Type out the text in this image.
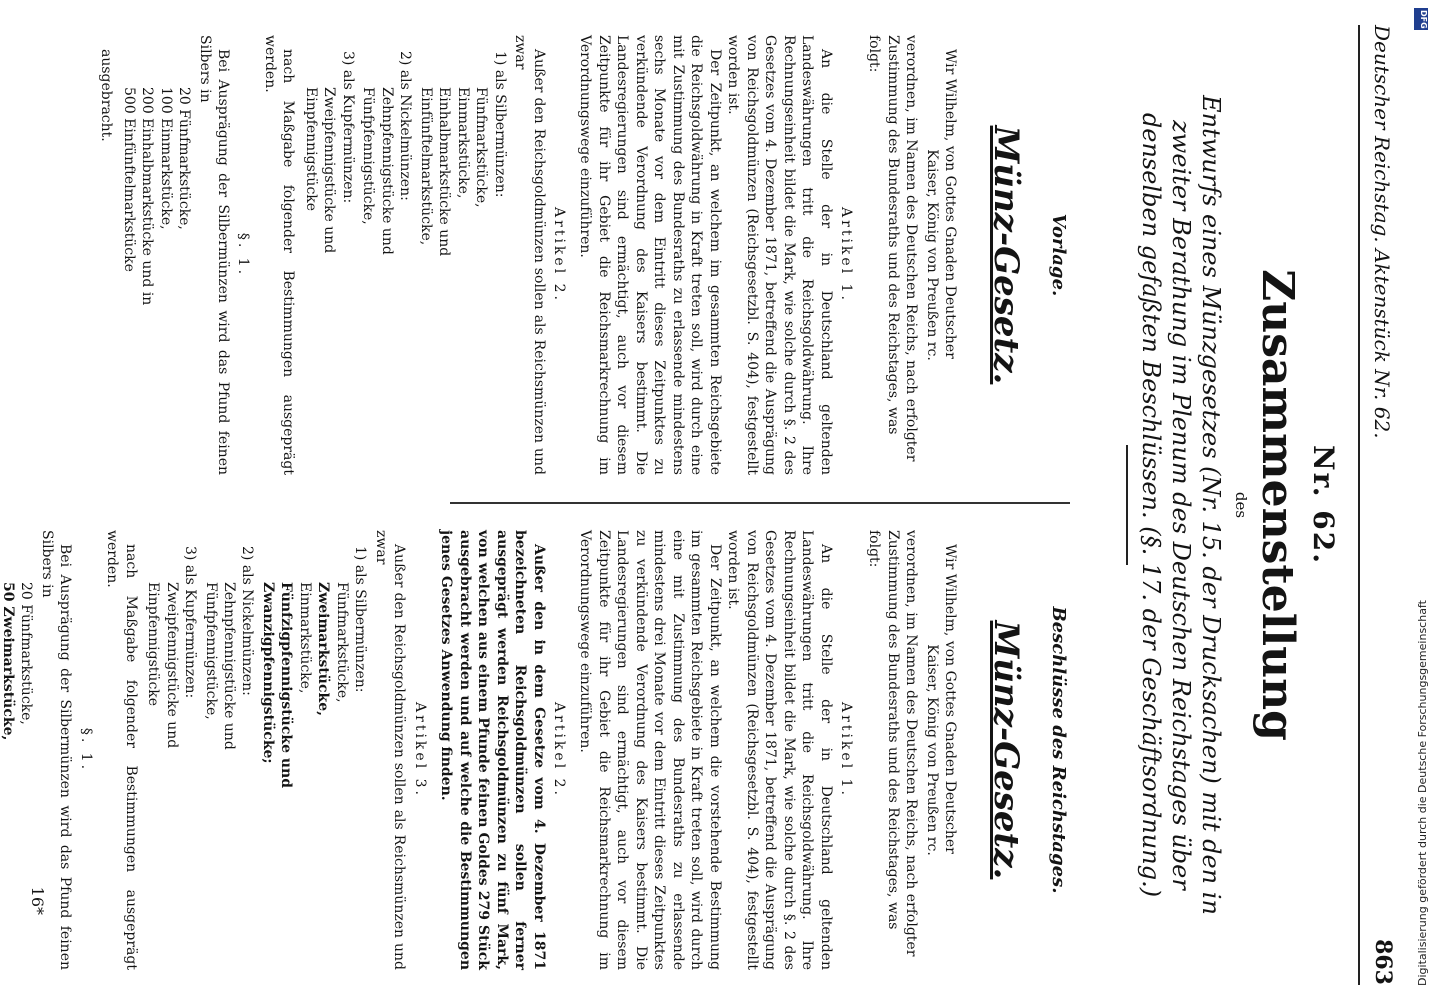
Deutscher Reichstag. Aktenstück Nr. 62.
863
Nr. 62.
Zusammenstellung
des
Entwurfs eines Münzgesetzes (Nr. 15. der Drucksachen) mit den in zweiter Berathung im Plenum des Deutschen Reichstages über denselben gefaßten Beschlüssen. (§. 17. der Geschäftsordnung.)
Vorlage.
Münz-Gesetz.

Wir Wilhelm, von Gottes Gnaden Deutscher

Kaiser, König von Preußen rc.

verordnen, im Namen des Deutschen Reichs, nach erfolgter Zustimmung des Bundesraths und des Reichstages, was folgt:

Artikel 1.

An die Stelle der in Deutschland geltenden Landeswährungen tritt die Reichsgoldwährung. Ihre Rechnungseinheit bildet die Mark, wie solche durch §. 2 des Gesetzes vom 4. Dezember 1871, betreffend die Ausprägung von Reichsgoldmünzen (Reichsgesetzbl. S. 404), festgestellt worden ist.

Der Zeitpunkt, an welchem im gesammten Reichsgebiete die Reichsgoldwährung in Kraft treten soll, wird durch eine mit Zustimmung des Bundesraths zu erlassende mindestens sechs Monate vor dem Eintritt dieses Zeitpunktes zu verkündende Verordnung des Kaisers bestimmt. Die Landesregierungen sind ermächtigt, auch vor diesem Zeitpunkte für ihr Gebiet die Reichsmarkrechnung im Verordnungswege einzuführen.

Artikel 2.

Außer den Reichsgoldmünzen sollen als Reichsmünzen und zwar

1) als Silbermünzen:
Fünfmarkstücke,
Einmarkstücke,
Einhalbmarkstücke und
Einfünftelmarkstücke,
2) als Nickelmünzen:
Zehnpfennigstücke und
Fünfpfennigstücke,
3) als Kupfermünzen:
Zweipfennigstücke und
Einpfennigstücke

nach Maßgabe folgender Bestimmungen ausgeprägt werden.

§. 1.

Bei Ausprägung der Silbermünzen wird das Pfund feinen Silbers in

20 Fünfmarkstücke,
100 Einmarkstücke,
200 Einhalbmarkstücke und in
500 Einfünftelmarkstücke

ausgebracht.

Beschlüsse des Reichstages.
Münz-Gesetz.

Wir Wilhelm, von Gottes Gnaden Deutscher

Kaiser, König von Preußen rc.

verordnen, im Namen des Deutschen Reichs, nach erfolgter Zustimmung des Bundesraths und des Reichstages, was folgt:

Artikel 1.

An die Stelle der in Deutschland geltenden Landeswährungen tritt die Reichsgoldwährung. Ihre Rechnungseinheit bildet die Mark, wie solche durch §. 2 des Gesetzes vom 4. Dezember 1871, betreffend die Ausprägung von Reichsgoldmünzen (Reichsgesetzbl. S. 404), festgestellt worden ist.

Der Zeitpunkt, an welchem die vorstehende Bestimmung im gesammten Reichsgebiete in Kraft treten soll, wird durch eine mit Zustimmung des Bundesraths zu erlassende mindestens drei Monate vor dem Eintritt dieses Zeitpunktes zu verkündende Verordnung des Kaisers bestimmt. Die Landesregierungen sind ermächtigt, auch vor diesem Zeitpunkte für ihr Gebiet die Reichsmarkrechnung im Verordnungswege einzuführen.

Artikel 2.

Außer den in dem Gesetze vom 4. Dezember 1871 bezeichneten Reichsgoldmünzen sollen ferner ausgeprägt werden Reichsgoldmünzen zu fünf Mark, von welchen aus einem Pfunde feinen Goldes 279 Stück ausgebracht werden und auf welche die Bestimmungen jenes Gesetzes Anwendung finden.

Artikel 3.

Außer den Reichsgoldmünzen sollen als Reichsmünzen und zwar

1) als Silbermünzen:
Fünfmarkstücke,
Zweimarkstücke,
Einmarkstücke,
Fünfzigpfennigstücke und
Zwanzigpfennigstücke;
2) als Nickelmünzen:
Zehnpfennigstücke und
Fünfpfennigstücke,
3) als Kupfermünzen:
Zweipfennigstücke und
Einpfennigstücke

nach Maßgabe folgender Bestimmungen ausgeprägt werden.

§. 1.

Bei Ausprägung der Silbermünzen wird das Pfund feinen Silbers in

20 Fünfmarkstücke,
50 Zweimarkstücke,

16*
DFG
Digitalisierung gefördert durch die Deutsche Forschungsgemeinschaft
